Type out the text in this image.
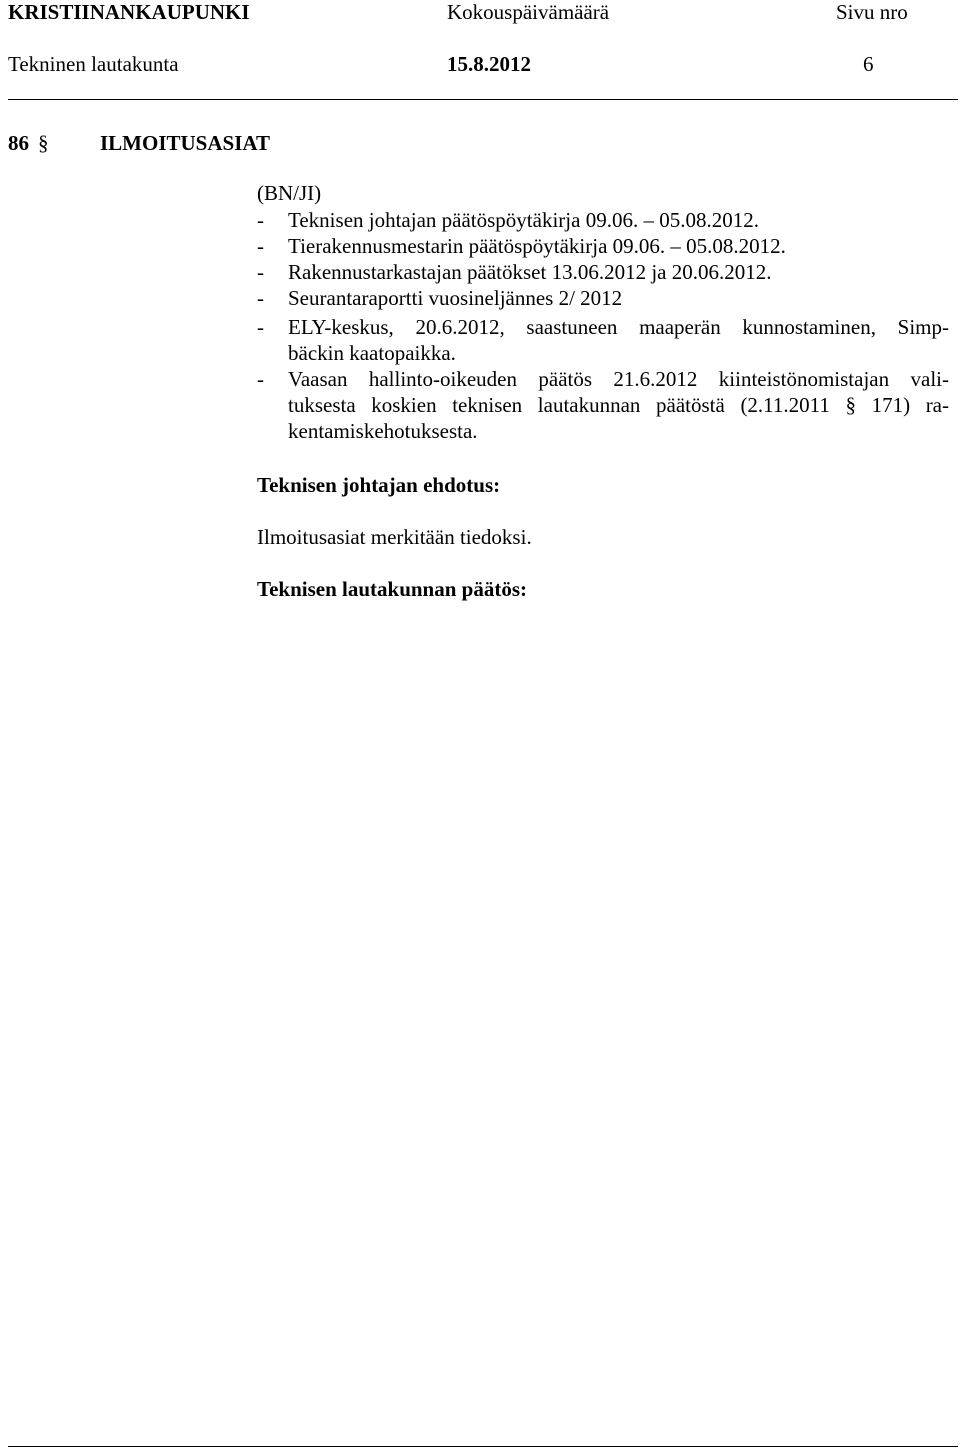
KRISTIINANKAUPUNKI	Kokouspäivämäärä	Sivu nro
Tekninen lautakunta	15.8.2012	6
86 § ILMOITUSASIAT
(BN/JI)
- Teknisen johtajan päätöspöytäkirja 09.06. – 05.08.2012.
- Tierakennusmestarin päätöspöytäkirja 09.06. – 05.08.2012.
- Rakennustarkastajan päätökset 13.06.2012 ja 20.06.2012.
- Seurantaraportti vuosineljännes 2/ 2012
- ELY-keskus, 20.6.2012, saastuneen maaperän kunnostaminen, Simp-
bäckin kaatopaikka.
- Vaasan hallinto-oikeuden päätös 21.6.2012 kiinteistönomistajan vali-
tuksesta koskien teknisen lautakunnan päätöstä (2.11.2011 § 171) ra-
kentamiskehotuksesta.
Teknisen johtajan ehdotus:
Ilmoitusasiat merkitään tiedoksi.
Teknisen lautakunnan päätös:
